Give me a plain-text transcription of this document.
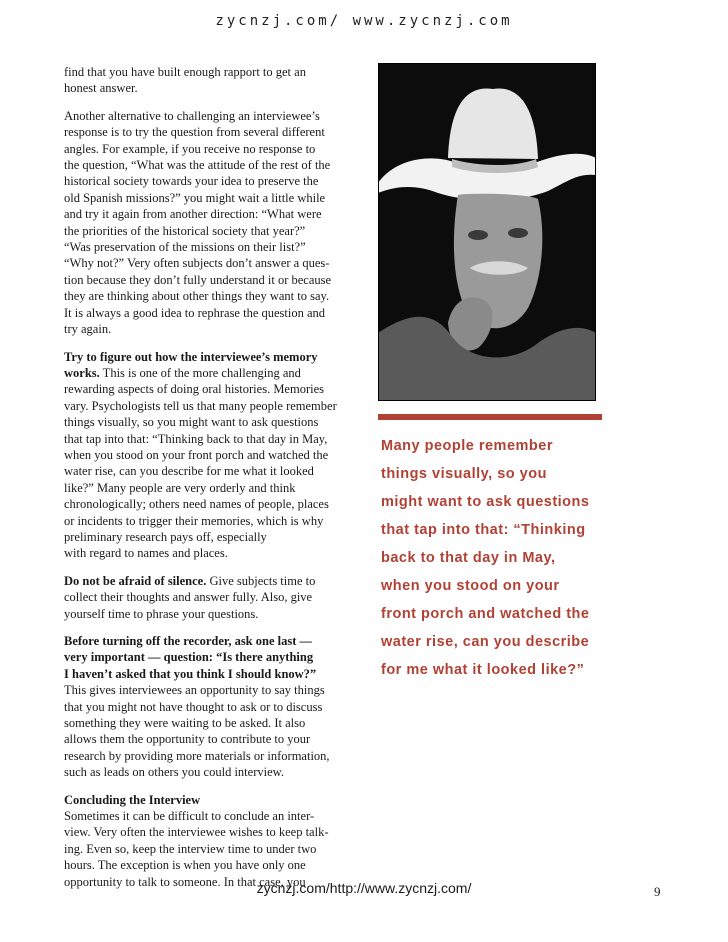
zycnzj.com/ www.zycnzj.com
find that you have built enough rapport to get an
honest answer.
Another alternative to challenging an interviewee’s
response is to try the question from several different
angles. For example, if you receive no response to
the question, “What was the attitude of the rest of the
historical society towards your idea to preserve the
old Spanish missions?” you might wait a little while
and try it again from another direction: “What were
the priorities of the historical society that year?”
“Was preservation of the missions on their list?”
“Why not?” Very often subjects don’t answer a ques-
tion because they don’t fully understand it or because
they are thinking about other things they want to say.
It is always a good idea to rephrase the question and
try again.
Try to figure out how the interviewee’s memory
works. This is one of the more challenging and
rewarding aspects of doing oral histories. Memories
vary. Psychologists tell us that many people remember
things visually, so you might want to ask questions
that tap into that: “Thinking back to that day in May,
when you stood on your front porch and watched the
water rise, can you describe for me what it looked
like?” Many people are very orderly and think
chronologically; others need names of people, places
or incidents to trigger their memories, which is why
preliminary research pays off, especially
with regard to names and places.
Do not be afraid of silence. Give subjects time to
collect their thoughts and answer fully. Also, give
yourself time to phrase your questions.
Before turning off the recorder, ask one last —
very important — question: “Is there anything
I haven’t asked that you think I should know?”
This gives interviewees an opportunity to say things
that you might not have thought to ask or to discuss
something they were waiting to be asked. It also
allows them the opportunity to contribute to your
research by providing more materials or information,
such as leads on others you could interview.
Concluding the Interview
Sometimes it can be difficult to conclude an inter-
view. Very often the interviewee wishes to keep talk-
ing. Even so, keep the interview time to under two
hours. The exception is when you have only one
opportunity to talk to someone. In that case, you
Many people remember
things visually, so you
might want to ask questions
that tap into that: “Thinking
back to that day in May,
when you stood on your
front porch and watched the
water rise, can you describe
for me what it looked like?”
zycnzj.com/http://www.zycnzj.com/	9
